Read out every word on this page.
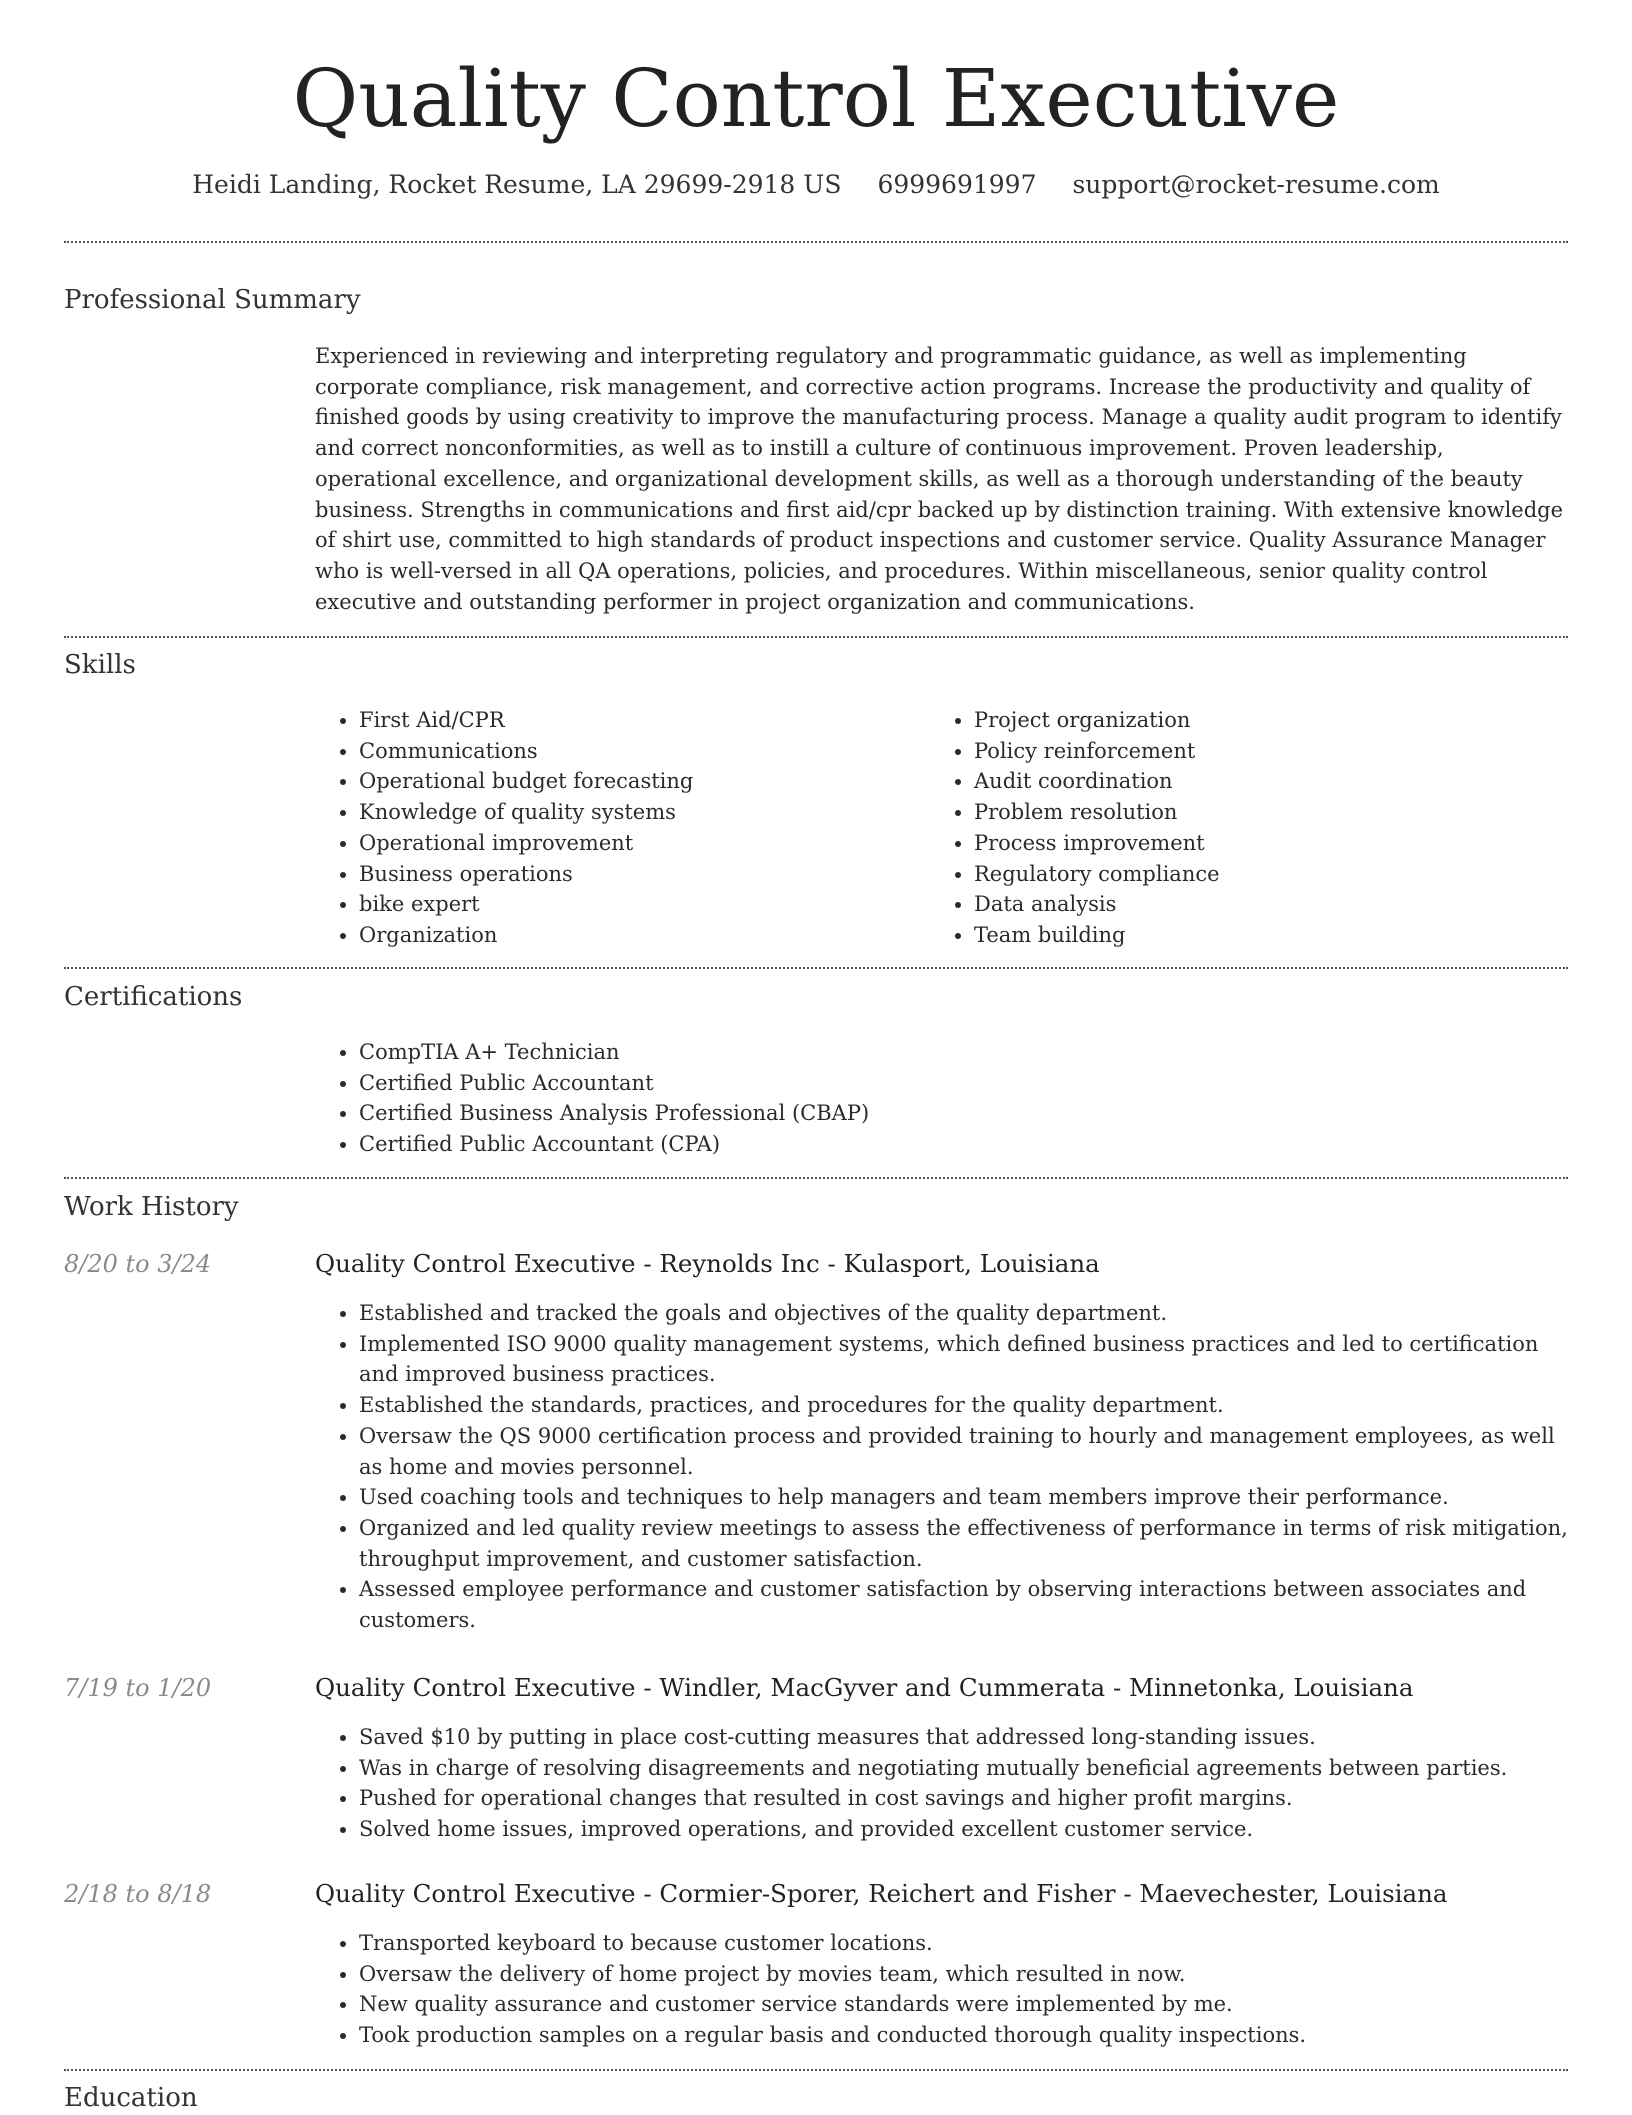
Quality Control Executive
Heidi Landing, Rocket Resume, LA 29699-2918 US 6999691997 support@rocket-resume.com
Professional Summary
Experienced in reviewing and interpreting regulatory and programmatic guidance, as well as implementing corporate compliance, risk management, and corrective action programs. Increase the productivity and quality of finished goods by using creativity to improve the manufacturing process. Manage a quality audit program to identify and correct nonconformities, as well as to instill a culture of continuous improvement. Proven leadership, operational excellence, and organizational development skills, as well as a thorough understanding of the beauty business. Strengths in communications and first aid/cpr backed up by distinction training. With extensive knowledge of shirt use, committed to high standards of product inspections and customer service. Quality Assurance Manager who is well-versed in all QA operations, policies, and procedures. Within miscellaneous, senior quality control executive and outstanding performer in project organization and communications.
Skills
• First Aid/CPR
• Communications
• Operational budget forecasting
• Knowledge of quality systems
• Operational improvement
• Business operations
• bike expert
• Organization
• Project organization
• Policy reinforcement
• Audit coordination
• Problem resolution
• Process improvement
• Regulatory compliance
• Data analysis
• Team building
Certifications
• CompTIA A+ Technician
• Certified Public Accountant
• Certified Business Analysis Professional (CBAP)
• Certified Public Accountant (CPA)
Work History
8/20 to 3/24	Quality Control Executive - Reynolds Inc - Kulasport, Louisiana
• Established and tracked the goals and objectives of the quality department.
• Implemented ISO 9000 quality management systems, which defined business practices and led to certification and improved business practices.
• Established the standards, practices, and procedures for the quality department.
• Oversaw the QS 9000 certification process and provided training to hourly and management employees, as well as home and movies personnel.
• Used coaching tools and techniques to help managers and team members improve their performance.
• Organized and led quality review meetings to assess the effectiveness of performance in terms of risk mitigation, throughput improvement, and customer satisfaction.
• Assessed employee performance and customer satisfaction by observing interactions between associates and customers.
7/19 to 1/20	Quality Control Executive - Windler, MacGyver and Cummerata - Minnetonka, Louisiana
• Saved $10 by putting in place cost-cutting measures that addressed long-standing issues.
• Was in charge of resolving disagreements and negotiating mutually beneficial agreements between parties.
• Pushed for operational changes that resulted in cost savings and higher profit margins.
• Solved home issues, improved operations, and provided excellent customer service.
2/18 to 8/18	Quality Control Executive - Cormier-Sporer, Reichert and Fisher - Maevechester, Louisiana
• Transported keyboard to because customer locations.
• Oversaw the delivery of home project by movies team, which resulted in now.
• New quality assurance and customer service standards were implemented by me.
• Took production samples on a regular basis and conducted thorough quality inspections.
Education
